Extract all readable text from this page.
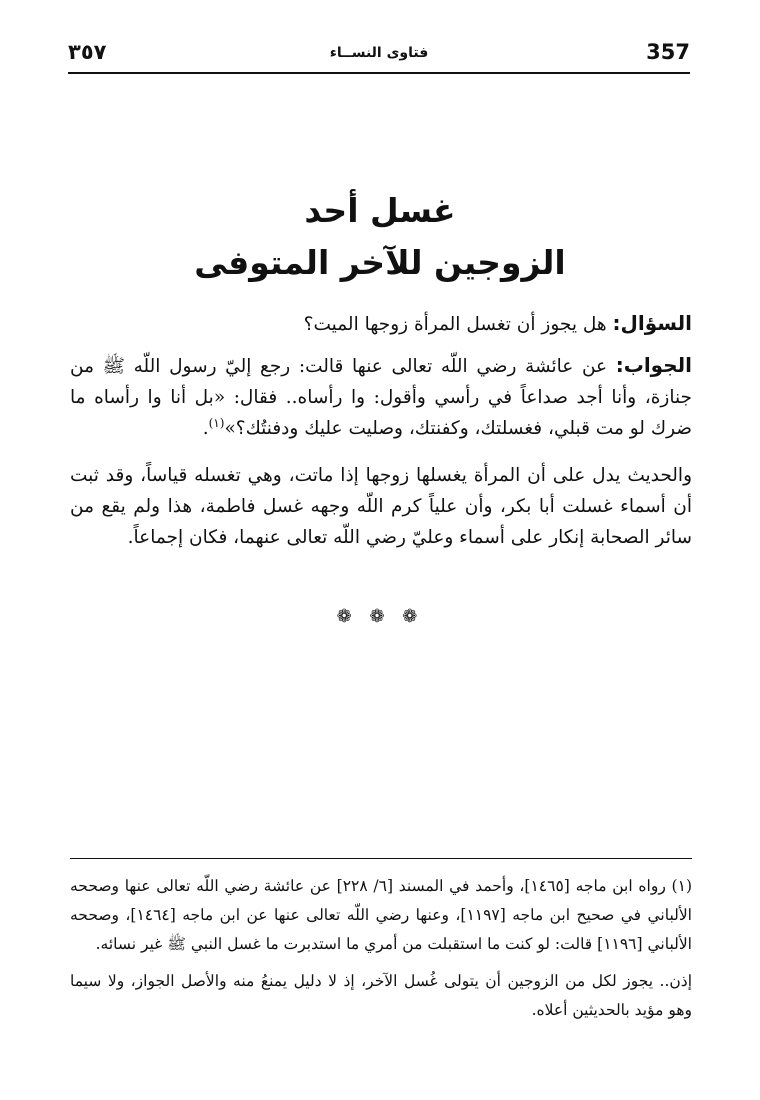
٣٥٧	فتاوى النســاء	357
غسل أحد
الزوجين للآخر المتوفى
السؤال: هل يجوز أن تغسل المرأة زوجها الميت؟
الجواب: عن عائشة رضي اللّه تعالى عنها قالت: رجع إليّ رسول اللّه ﷺ من جنازة، وأنا أجد صداعاً في رأسي وأقول: وا رأساه.. فقال: «بل أنا وا رأساه ما ضرك لو مت قبلي، فغسلتك، وكفنتك، وصليت عليك ودفنتُك؟»$^{(١)}$.
والحديث يدل على أن المرأة يغسلها زوجها إذا ماتت، وهي تغسله قياساً، وقد ثبت أن أسماء غسلت أبا بكر، وأن علياً كرم اللّه وجهه غسل فاطمة، هذا ولم يقع من سائر الصحابة إنكار على أسماء وعليّ رضي اللّه تعالى عنهما، فكان إجماعاً.
❁ ❁ ❁

(١) رواه ابن ماجه [١٤٦٥]، وأحمد في المسند [٦/ ٢٢٨] عن عائشة رضي اللّه تعالى عنها وصححه الألباني في صحيح ابن ماجه [١١٩٧]، وعنها رضي اللّه تعالى عنها عن ابن ماجه [١٤٦٤]، وصححه الألباني [١١٩٦] قالت: لو كنت ما استقبلت من أمري ما استدبرت ما غسل النبي ﷺ غير نسائه.

إذن.. يجوز لكل من الزوجين أن يتولى غُسل الآخر، إذ لا دليل يمنعُ منه والأصل الجواز، ولا سيما وهو مؤيد بالحديثين أعلاه.
